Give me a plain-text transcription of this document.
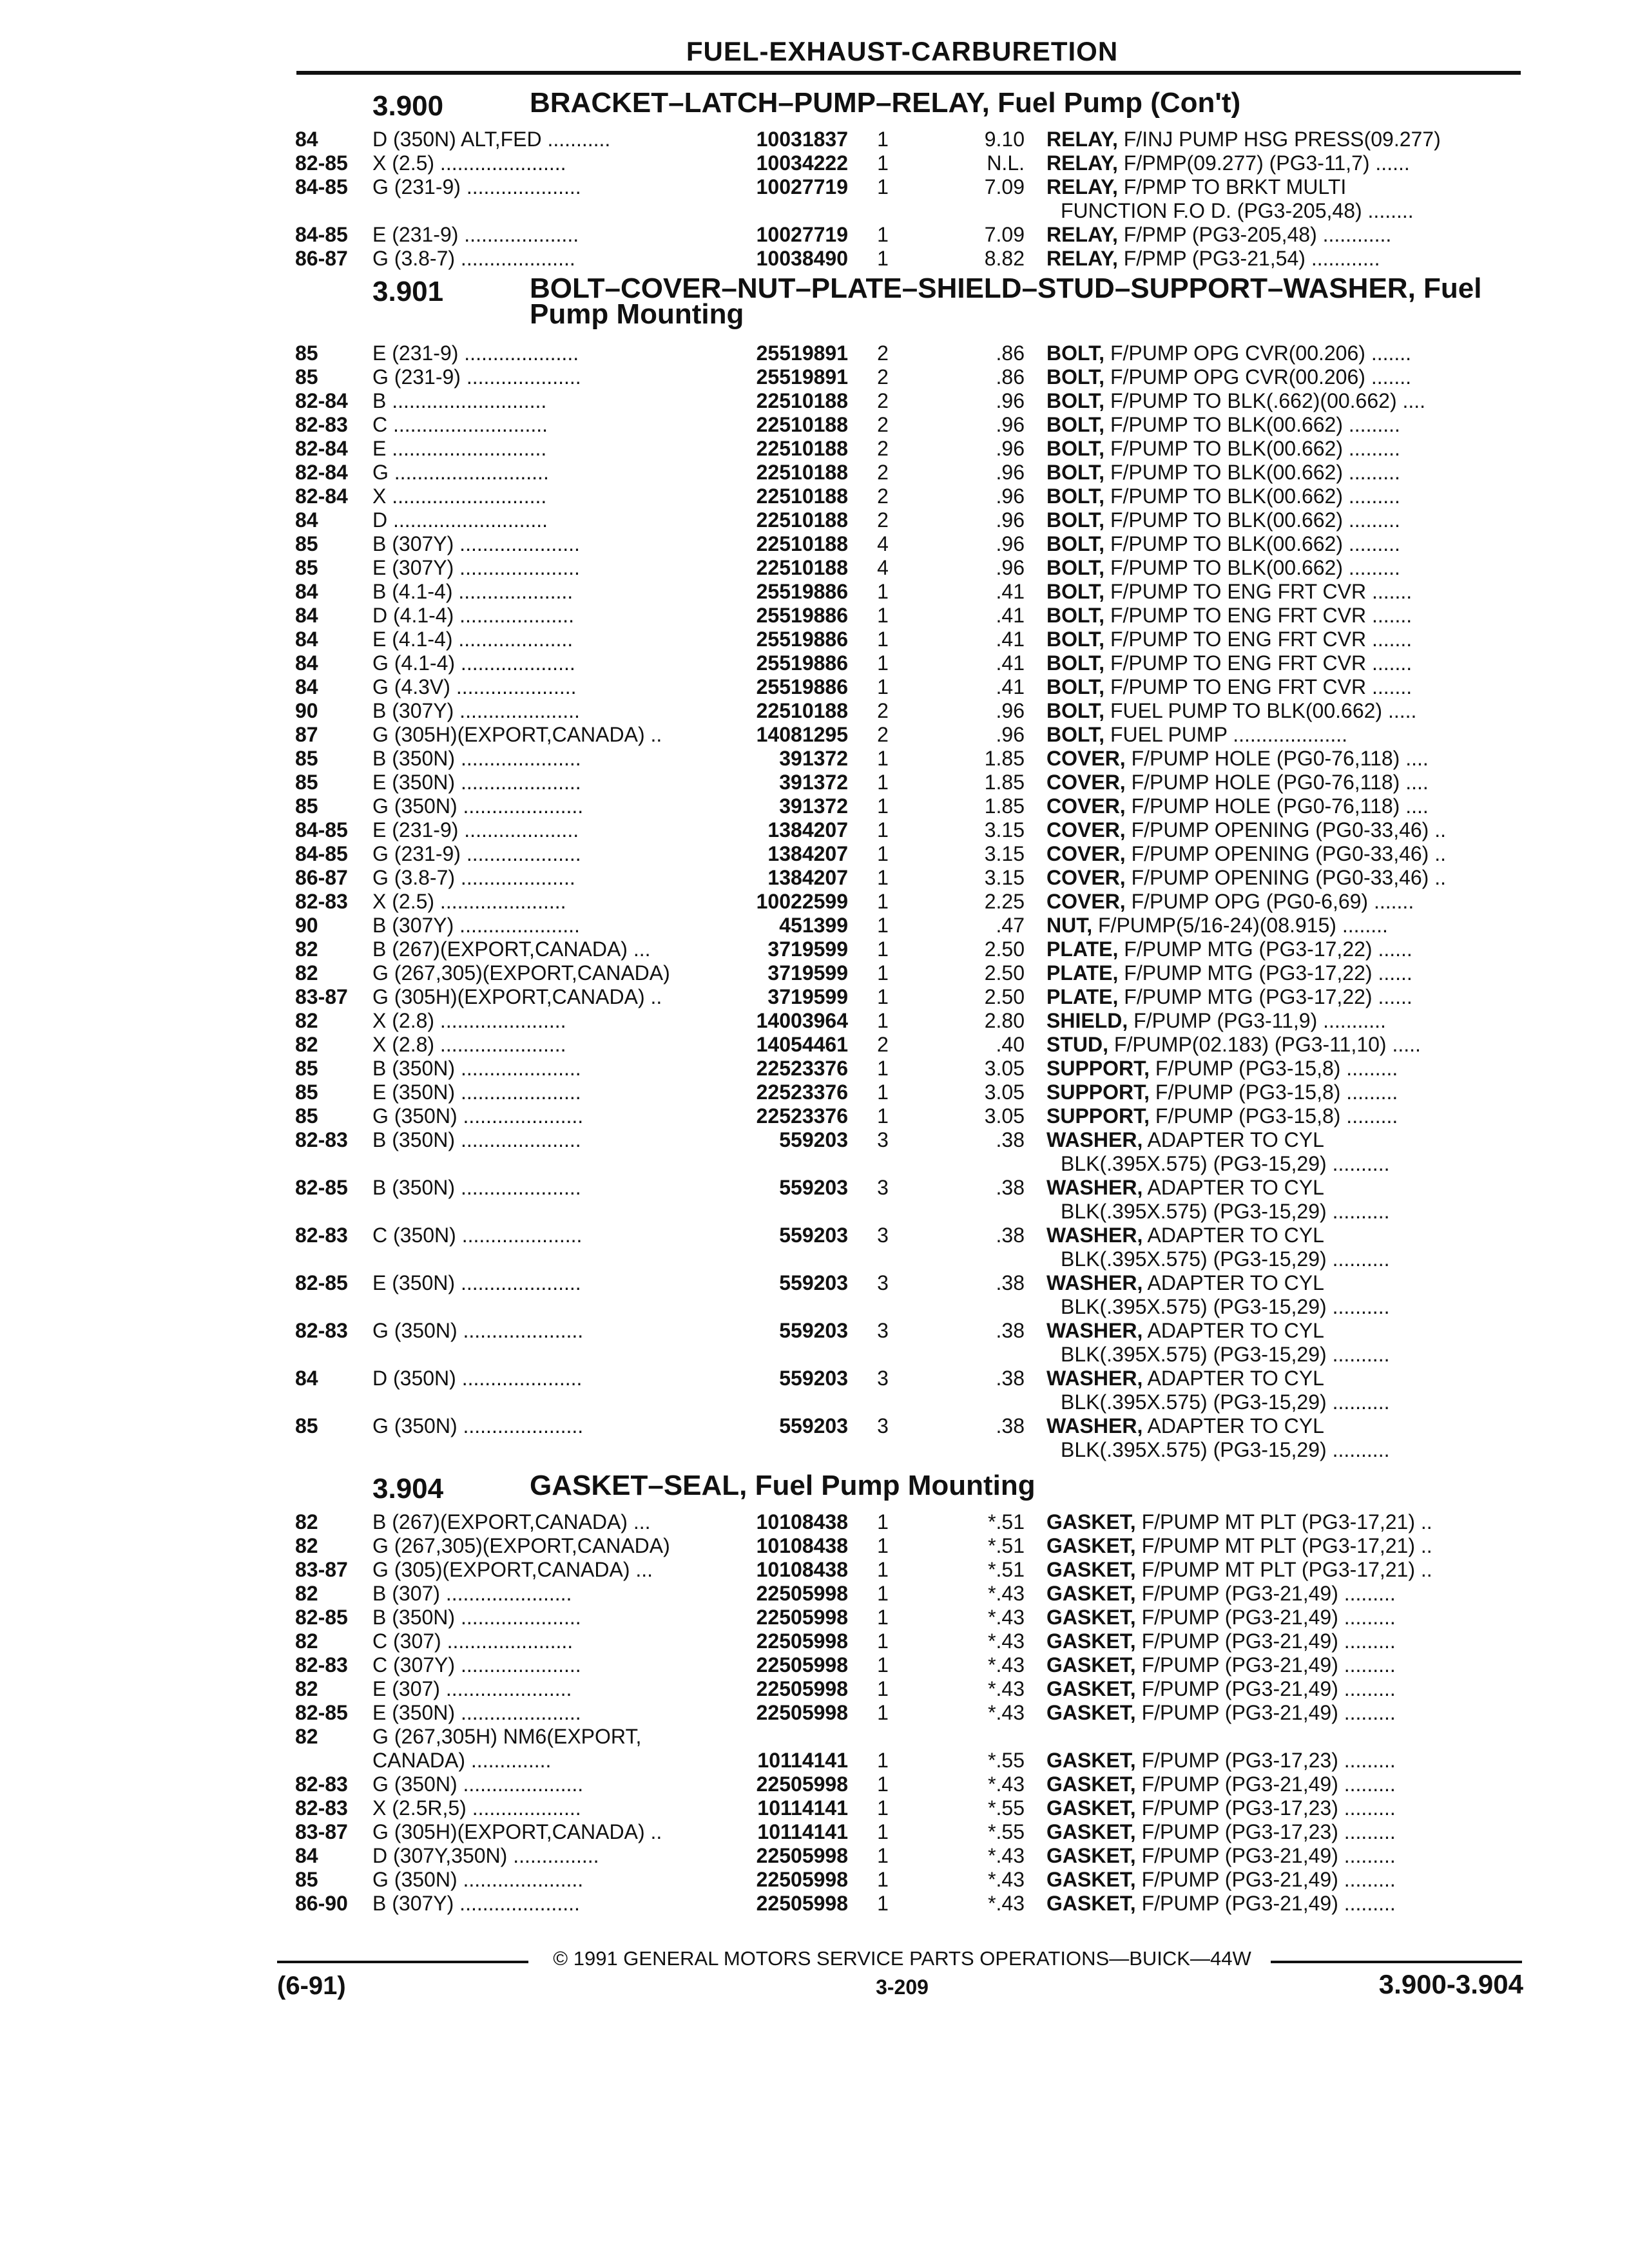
FUEL-EXHAUST-CARBURETION
3.900	BRACKET–LATCH–PUMP–RELAY, Fuel Pump (Con't)
84	D (350N) ALT,FED ...........	10031837	1	9.10 RELAY, F/INJ PUMP HSG PRESS(09.277)
82-85	X (2.5) ......................	10034222	1	N.L. RELAY, F/PMP(09.277) (PG3-11,7) ......
84-85	G (231-9) ....................	10027719	1	7.09 RELAY, F/PMP TO BRKT MULTI
FUNCTION F.O D. (PG3-205,48) ........
84-85	E (231-9) ....................	10027719	1	7.09 RELAY, F/PMP (PG3-205,48) ............
86-87	G (3.8-7) ....................	10038490	1	8.82 RELAY, F/PMP (PG3-21,54) ............
3.901	BOLT–COVER–NUT–PLATE–SHIELD–STUD–SUPPORT–WASHER, Fuel Pump Mounting
85	E (231-9) ....................	25519891	2	.86 BOLT, F/PUMP OPG CVR(00.206) .......
85	G (231-9) ....................	25519891	2	.86 BOLT, F/PUMP OPG CVR(00.206) .......
82-84	B ...........................	22510188	2	.96 BOLT, F/PUMP TO BLK(.662)(00.662) ....
82-83	C ...........................	22510188	2	.96 BOLT, F/PUMP TO BLK(00.662) .........
82-84	E ...........................	22510188	2	.96 BOLT, F/PUMP TO BLK(00.662) .........
82-84	G ...........................	22510188	2	.96 BOLT, F/PUMP TO BLK(00.662) .........
82-84	X ...........................	22510188	2	.96 BOLT, F/PUMP TO BLK(00.662) .........
84	D ...........................	22510188	2	.96 BOLT, F/PUMP TO BLK(00.662) .........
85	B (307Y) .....................	22510188	4	.96 BOLT, F/PUMP TO BLK(00.662) .........
85	E (307Y) .....................	22510188	4	.96 BOLT, F/PUMP TO BLK(00.662) .........
84	B (4.1-4) ....................	25519886	1	.41 BOLT, F/PUMP TO ENG FRT CVR .......
84	D (4.1-4) ....................	25519886	1	.41 BOLT, F/PUMP TO ENG FRT CVR .......
84	E (4.1-4) ....................	25519886	1	.41 BOLT, F/PUMP TO ENG FRT CVR .......
84	G (4.1-4) ....................	25519886	1	.41 BOLT, F/PUMP TO ENG FRT CVR .......
84	G (4.3V) .....................	25519886	1	.41 BOLT, F/PUMP TO ENG FRT CVR .......
90	B (307Y) .....................	22510188	2	.96 BOLT, FUEL PUMP TO BLK(00.662) .....
87	G (305H)(EXPORT,CANADA) ..	14081295	2	.96 BOLT, FUEL PUMP ....................
85	B (350N) .....................	391372	1	1.85 COVER, F/PUMP HOLE (PG0-76,118) ....
85	E (350N) .....................	391372	1	1.85 COVER, F/PUMP HOLE (PG0-76,118) ....
85	G (350N) .....................	391372	1	1.85 COVER, F/PUMP HOLE (PG0-76,118) ....
84-85	E (231-9) ....................	1384207	1	3.15 COVER, F/PUMP OPENING (PG0-33,46) ..
84-85	G (231-9) ....................	1384207	1	3.15 COVER, F/PUMP OPENING (PG0-33,46) ..
86-87	G (3.8-7) ....................	1384207	1	3.15 COVER, F/PUMP OPENING (PG0-33,46) ..
82-83	X (2.5) ......................	10022599	1	2.25 COVER, F/PUMP OPG (PG0-6,69) .......
90	B (307Y) .....................	451399	1	.47 NUT, F/PUMP(5/16-24)(08.915) ........
82	B (267)(EXPORT,CANADA) ...	3719599	1	2.50 PLATE, F/PUMP MTG (PG3-17,22) ......
82	G (267,305)(EXPORT,CANADA)	3719599	1	2.50 PLATE, F/PUMP MTG (PG3-17,22) ......
83-87	G (305H)(EXPORT,CANADA) ..	3719599	1	2.50 PLATE, F/PUMP MTG (PG3-17,22) ......
82	X (2.8) ......................	14003964	1	2.80 SHIELD, F/PUMP (PG3-11,9) ...........
82	X (2.8) ......................	14054461	2	.40 STUD, F/PUMP(02.183) (PG3-11,10) .....
85	B (350N) .....................	22523376	1	3.05 SUPPORT, F/PUMP (PG3-15,8) .........
85	E (350N) .....................	22523376	1	3.05 SUPPORT, F/PUMP (PG3-15,8) .........
85	G (350N) .....................	22523376	1	3.05 SUPPORT, F/PUMP (PG3-15,8) .........
82-83	B (350N) .....................	559203	3	.38 WASHER, ADAPTER TO CYL
BLK(.395X.575) (PG3-15,29) ..........
82-85	B (350N) .....................	559203	3	.38 WASHER, ADAPTER TO CYL
BLK(.395X.575) (PG3-15,29) ..........
82-83	C (350N) .....................	559203	3	.38 WASHER, ADAPTER TO CYL
BLK(.395X.575) (PG3-15,29) ..........
82-85	E (350N) .....................	559203	3	.38 WASHER, ADAPTER TO CYL
BLK(.395X.575) (PG3-15,29) ..........
82-83	G (350N) .....................	559203	3	.38 WASHER, ADAPTER TO CYL
BLK(.395X.575) (PG3-15,29) ..........
84	D (350N) .....................	559203	3	.38 WASHER, ADAPTER TO CYL
BLK(.395X.575) (PG3-15,29) ..........
85	G (350N) .....................	559203	3	.38 WASHER, ADAPTER TO CYL
BLK(.395X.575) (PG3-15,29) ..........
3.904	GASKET–SEAL, Fuel Pump Mounting
82	B (267)(EXPORT,CANADA) ...	10108438	1	*.51 GASKET, F/PUMP MT PLT (PG3-17,21) ..
82	G (267,305)(EXPORT,CANADA)	10108438	1	*.51 GASKET, F/PUMP MT PLT (PG3-17,21) ..
83-87	G (305)(EXPORT,CANADA) ...	10108438	1	*.51 GASKET, F/PUMP MT PLT (PG3-17,21) ..
82	B (307) ......................	22505998	1	*.43 GASKET, F/PUMP (PG3-21,49) .........
82-85	B (350N) .....................	22505998	1	*.43 GASKET, F/PUMP (PG3-21,49) .........
82	C (307) ......................	22505998	1	*.43 GASKET, F/PUMP (PG3-21,49) .........
82-83	C (307Y) .....................	22505998	1	*.43 GASKET, F/PUMP (PG3-21,49) .........
82	E (307) ......................	22505998	1	*.43 GASKET, F/PUMP (PG3-21,49) .........
82-85	E (350N) .....................	22505998	1	*.43 GASKET, F/PUMP (PG3-21,49) .........
82	G (267,305H) NM6(EXPORT,
CANADA) ..............	10114141	1	*.55 GASKET, F/PUMP (PG3-17,23) .........
82-83	G (350N) .....................	22505998	1	*.43 GASKET, F/PUMP (PG3-21,49) .........
82-83	X (2.5R,5) ...................	10114141	1	*.55 GASKET, F/PUMP (PG3-17,23) .........
83-87	G (305H)(EXPORT,CANADA) ..	10114141	1	*.55 GASKET, F/PUMP (PG3-17,23) .........
84	D (307Y,350N) ...............	22505998	1	*.43 GASKET, F/PUMP (PG3-21,49) .........
85	G (350N) .....................	22505998	1	*.43 GASKET, F/PUMP (PG3-21,49) .........
86-90	B (307Y) .....................	22505998	1	*.43 GASKET, F/PUMP (PG3-21,49) .........
© 1991 GENERAL MOTORS SERVICE PARTS OPERATIONS—BUICK—44W
(6-91)	3-209	3.900-3.904
